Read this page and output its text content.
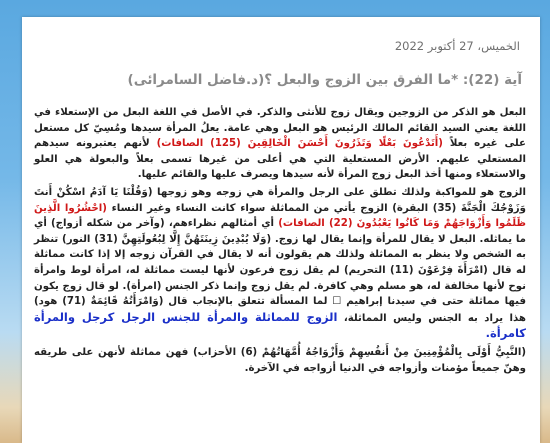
الخميس، 27 أكتوبر 2022
آية (22): *ما الفرق بين الزوج والبعل ؟(د.فاضل السامرائى)

البعل هو الذكر من الزوجين ويقال زوج للأنثى والذكر. في الأصل في اللغة البعل من الإستعلاء في اللغة يعني السيد القائم المالك الرئيس هو البعل وهي عامة. يعلُ المرأة سيدها ومُسِيّ كل مستعل على غيره بعلاً (أَتَدْعُونَ بَعْلًا وَتَذَرُونَ أَحْسَنَ الْخَالِقِينَ (125) الصافات) لأنهم يعتبرونه سيدهم المستعلي عليهم. الأرض المستعلية التي هي أعلى من غيرها تسمى بعلاً والبعولة هي العلو والاستعلاء ومنها أخذ البعل زوج المرأة لأنه سيدها ويصرف عليها والقائم عليها.

الزوج هو للمواكبة ولذلك تطلق على الرجل والمرأة هي زوجه وهو زوجها (وَقُلْنَا يَا آدَمُ اسْكُنْ أَنتَ وَزَوْجُكَ الْجَنَّةَ (35) البقرة) الزوج يأتي من المماثلة سواء كانت النساء وغير النساء (احْشُرُوا الَّذِينَ ظَلَمُوا وَأَزْوَاجَهُمْ وَمَا كَانُوا يَعْبُدُونَ (22) الصافات) أي أمثالهم نظراءهم، (وآخر من شكله أزواج) أي ما يماثله. البعل لا يقال للمرأة وإنما يقال لها زوج. (وَلَا يُبْدِينَ زِينَتَهُنَّ إِلَّا لِبُعُولَتِهِنَّ (31) النور) تنظر به الشخص ولا ينظر به المماثلة ولذلك هم يقولون أنه لا يقال في القرآن زوجه إلا إذا كانت مماثلة له قال (امْرَأَةَ فِرْعَوْنَ (11) التحريم) لم يقل زوج فرعون لأنها ليست مماثلة له، امرأة لوط وامرأة نوح لأنها مخالفة له، هو مسلم وهي كافرة. لم يقل زوج وإنما ذكر الجنس (امرأة). لو قال زوج يكون فيها مماثلة حتى في سيدنا إبراهيم ☐ لما المسألة تتعلق بالإنجاب قال (وَامْرَأَتُهُ قَائِمَةٌ (71) هود) هذا يراد به الجنس وليس المماثلة، الزوج للمماثلة والمرأة للجنس الرجل كرجل والمرأة كامرأة.

(النَّبِيُّ أَوْلَى بِالْمُؤْمِنِينَ مِنْ أَنفُسِهِمْ وَأَزْوَاجُهُ أُمَّهَاتُهُمْ (6) الأحزاب) فهن مماثلة لأنهن على طريقه وهنّ جميعاً مؤمنات وأزواجه في الدنيا أزواجه في الآخرة.
